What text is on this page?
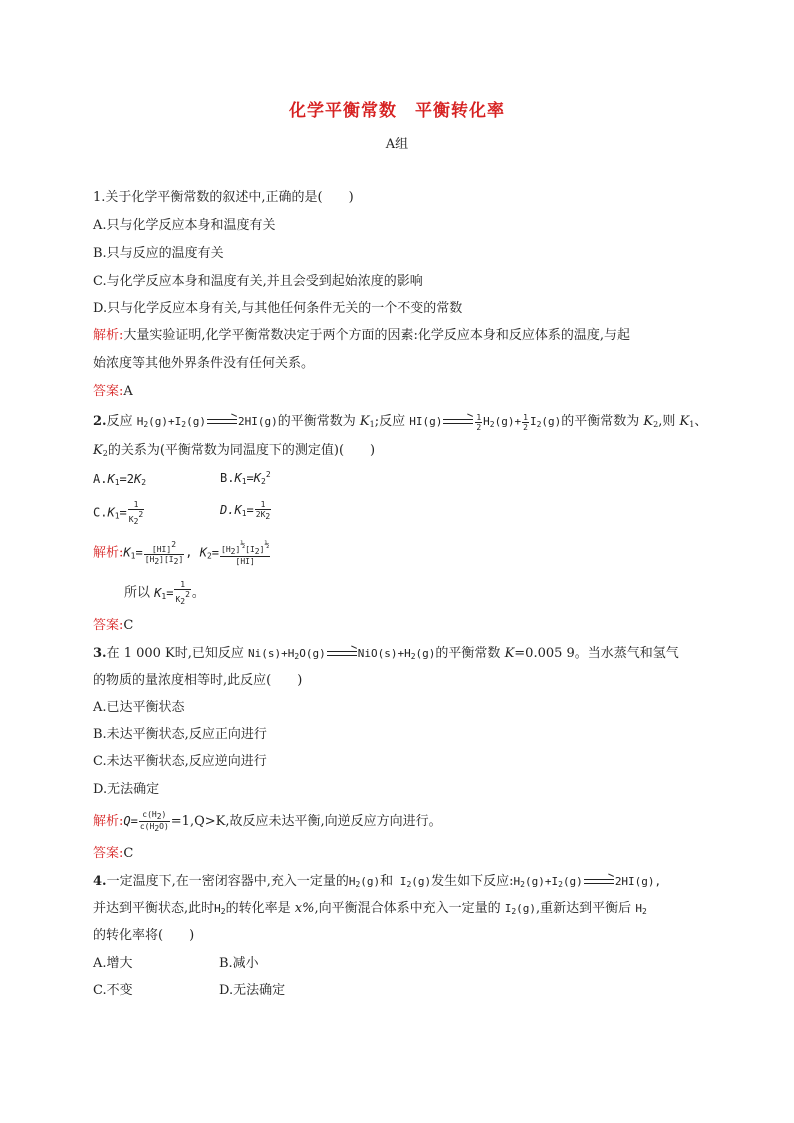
化学平衡常数　平衡转化率
A组
1.关于化学平衡常数的叙述中,正确的是(　　)
A.只与化学反应本身和温度有关
B.只与反应的温度有关
C.与化学反应本身和温度有关,并且会受到起始浓度的影响
D.只与化学反应本身有关,与其他任何条件无关的一个不变的常数
解析:大量实验证明,化学平衡常数决定于两个方面的因素:化学反应本身和反应体系的温度,与起
始浓度等其他外界条件没有任何关系。
答案:A
2.反应 $H_2(g)+I_2(g)$	2HI(g)的平衡常数为 $K_1$;反应 HI(g)	$\frac{1}{2} H_2(g)+ \frac{1}{2} I_2(g)$的平衡常数为 $K_2$,则 $K_1$、
$K_2$的关系为(平衡常数为同温度下的测定值)(　　)
$A.K_1=2K_2$	$B.K_1=K_2^2$
$C.K_1= \frac{1}{K_2^2}$	$D.K_1= \frac{1}{2K_2}$
解析$:K_1= \frac{[HI]^2}{[H_2][I_2]}$ , $K_2= \frac{[H_2]^{\frac{1}{2}}[I_2]^{\frac{1}{2}}}{[HI]}$
所以 $K_1= \frac{1}{K_2^2}$ 。
答案:C
3.在 1 000 K时,已知反应 $Ni(s)+H_2O(g)$	$NiO(s)+H_2(g)$的平衡常数 K=0.005 9。当水蒸气和氢气
的物质的量浓度相等时,此反应(　　)
A.已达平衡状态
B.未达平衡状态,反应正向进行
C.未达平衡状态,反应逆向进行
D.无法确定
解析:Q= $\frac{c(H_2)}{c(H_2O)} =1,Q>K$,故反应未达平衡,向逆反应方向进行。
答案:C
4.一定温度下,在一密闭容器中,充入一定量的$H_2(g)$和 $I_2(g)$发生如下反应$:H_2(g)+I_2(g)$	2HI(g),
并达到平衡状态,此时$H_2$的转化率是 x%,向平衡混合体系中充入一定量的 $I_2(g)$,重新达到平衡后 $H_2$
的转化率将(　　)
A.增大	B.减小
C.不变	D.无法确定
